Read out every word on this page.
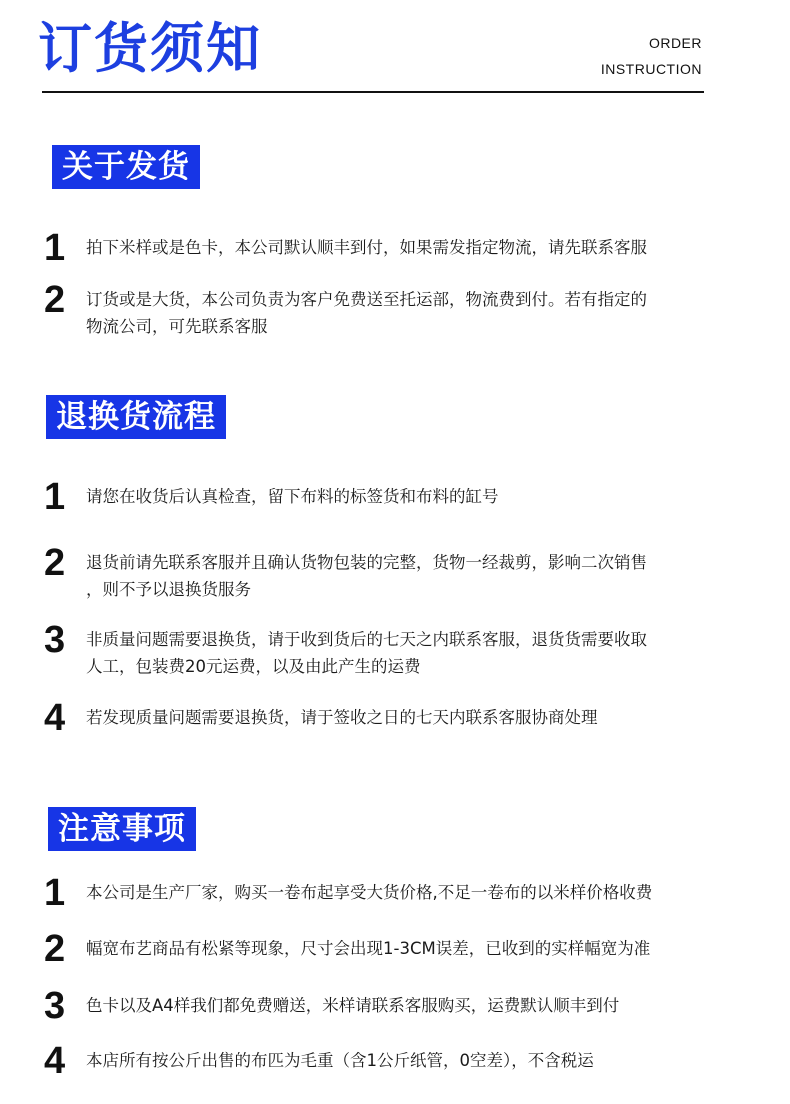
订货须知	ORDER
INSTRUCTION
关于发货
1 拍下米样或是色卡，本公司默认顺丰到付，如果需发指定物流，请先联系客服
2 订货或是大货，本公司负责为客户免费送至托运部，物流费到付。若有指定的
物流公司，可先联系客服
退换货流程
1 请您在收货后认真检查，留下布料的标签货和布料的缸号
2 退货前请先联系客服并且确认货物包装的完整，货物一经裁剪，影响二次销售
，则不予以退换货服务
3 非质量问题需要退换货，请于收到货后的七天之内联系客服，退货货需要收取
人工，包装费20元运费，以及由此产生的运费
4 若发现质量问题需要退换货，请于签收之日的七天内联系客服协商处理
注意事项
1 本公司是生产厂家，购买一卷布起享受大货价格,不足一卷布的以米样价格收费
2 幅宽布艺商品有松紧等现象，尺寸会出现1-3CM误差，已收到的实样幅宽为准
3 色卡以及A4样我们都免费赠送，米样请联系客服购买，运费默认顺丰到付
4 本店所有按公斤出售的布匹为毛重（含1公斤纸管，0空差），不含税运
